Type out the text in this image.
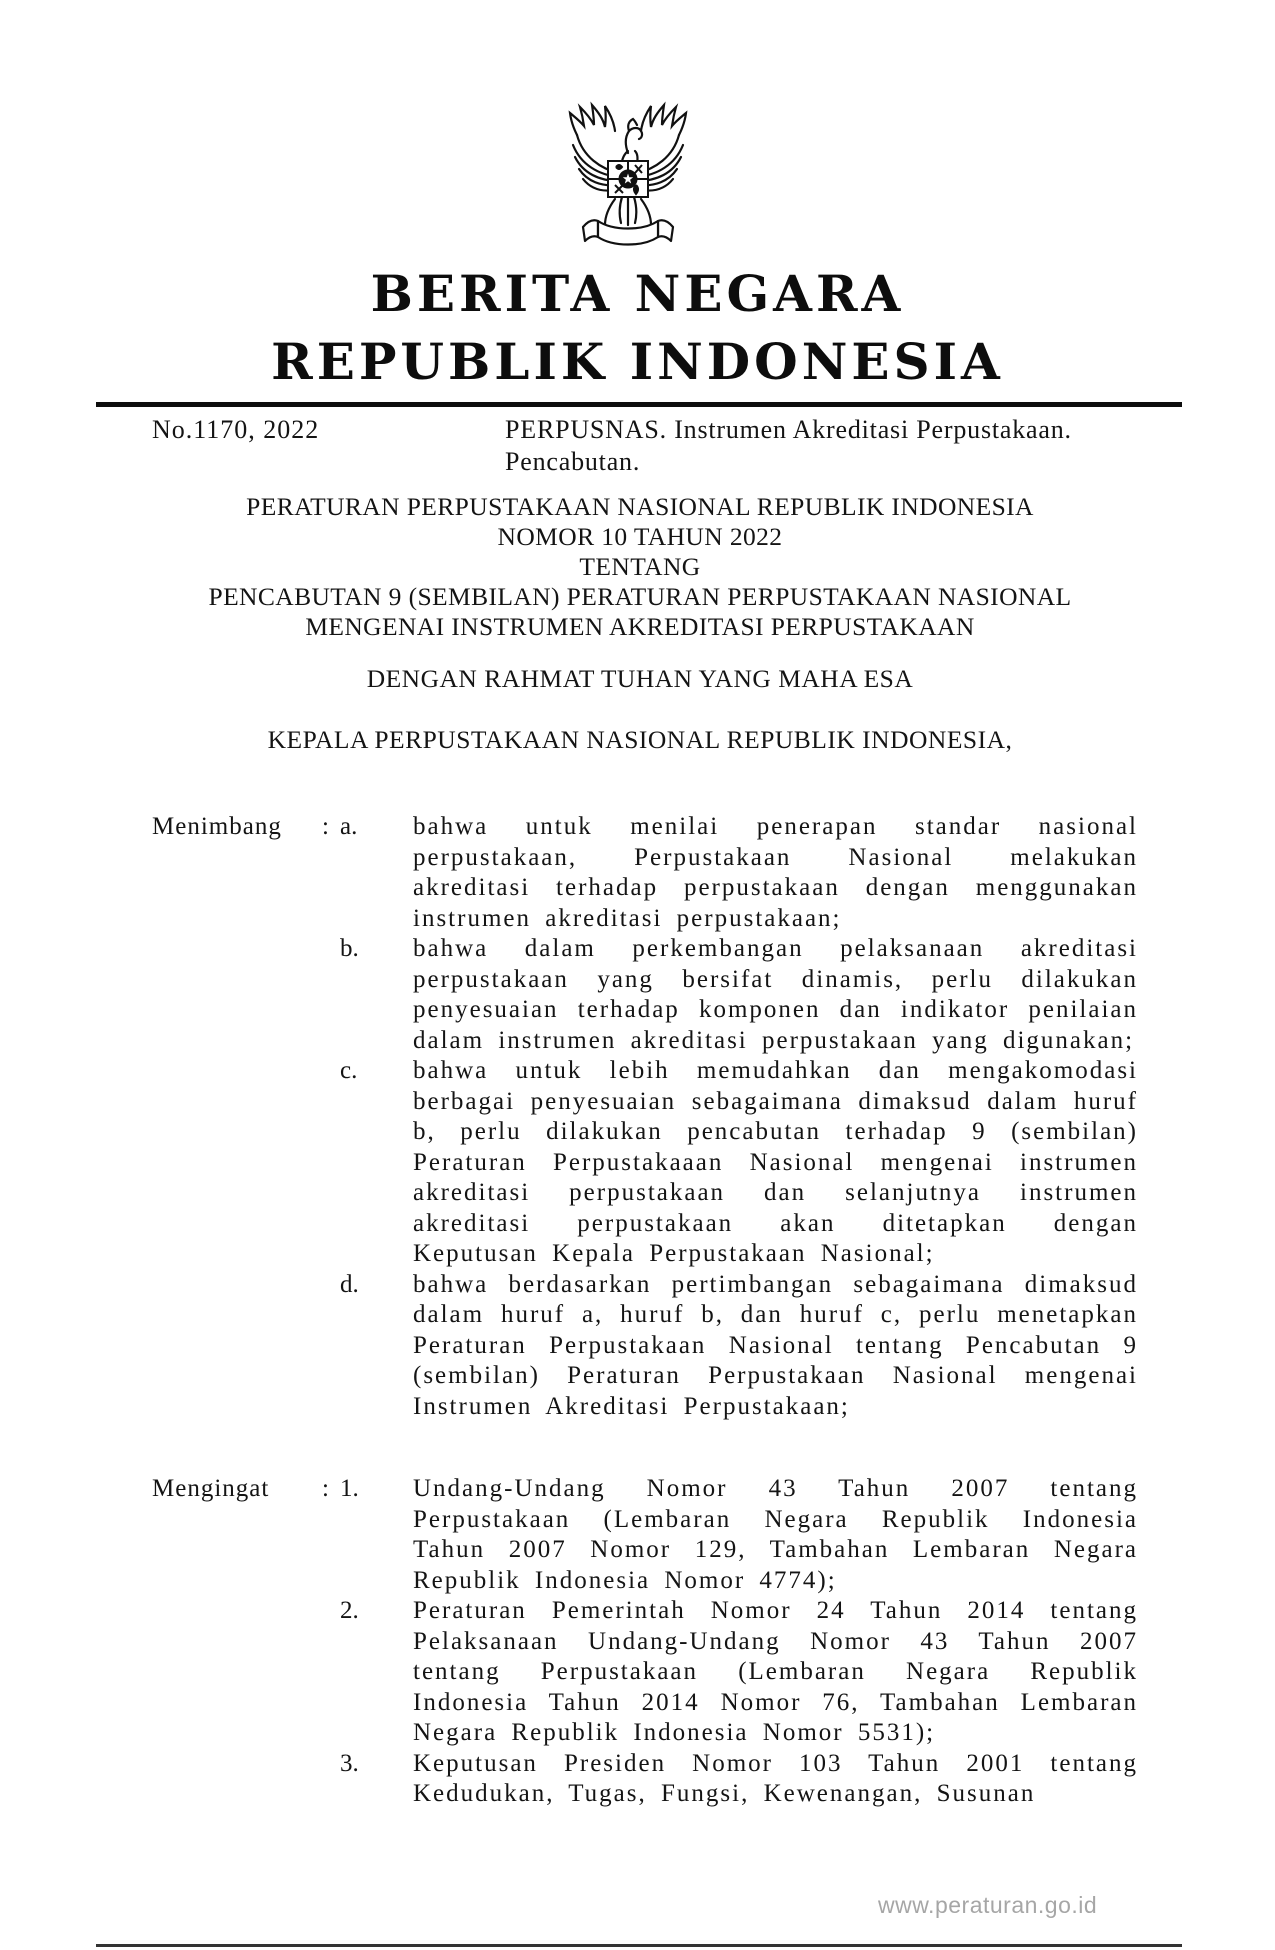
BERITA NEGARA
REPUBLIK INDONESIA
No.1170, 2022	PERPUSNAS. Instrumen Akreditasi Perpustakaan.
Pencabutan.
PERATURAN PERPUSTAKAAN NASIONAL REPUBLIK INDONESIA
NOMOR 10 TAHUN 2022
TENTANG
PENCABUTAN 9 (SEMBILAN) PERATURAN PERPUSTAKAAN NASIONAL
MENGENAI INSTRUMEN AKREDITASI PERPUSTAKAAN
DENGAN RAHMAT TUHAN YANG MAHA ESA
KEPALA PERPUSTAKAAN NASIONAL REPUBLIK INDONESIA,
Menimbang	: a.	bahwa untuk menilai penerapan standar nasional perpustakaan, Perpustakaan Nasional melakukan akreditasi terhadap perpustakaan dengan menggunakan instrumen akreditasi perpustakaan;
b.	bahwa dalam perkembangan pelaksanaan akreditasi perpustakaan yang bersifat dinamis, perlu dilakukan penyesuaian terhadap komponen dan indikator penilaian dalam instrumen akreditasi perpustakaan yang digunakan;
c.	bahwa untuk lebih memudahkan dan mengakomodasi berbagai penyesuaian sebagaimana dimaksud dalam huruf b, perlu dilakukan pencabutan terhadap 9 (sembilan) Peraturan Perpustakaaan Nasional mengenai instrumen akreditasi perpustakaan dan selanjutnya instrumen akreditasi perpustakaan akan ditetapkan dengan Keputusan Kepala Perpustakaan Nasional;
d.	bahwa berdasarkan pertimbangan sebagaimana dimaksud dalam huruf a, huruf b, dan huruf c, perlu menetapkan Peraturan Perpustakaan Nasional tentang Pencabutan 9 (sembilan) Peraturan Perpustakaan Nasional mengenai Instrumen Akreditasi Perpustakaan;
Mengingat	: 1.	Undang-Undang Nomor 43 Tahun 2007 tentang Perpustakaan (Lembaran Negara Republik Indonesia Tahun 2007 Nomor 129, Tambahan Lembaran Negara Republik Indonesia Nomor 4774);
2.	Peraturan Pemerintah Nomor 24 Tahun 2014 tentang Pelaksanaan Undang-Undang Nomor 43 Tahun 2007 tentang Perpustakaan (Lembaran Negara Republik Indonesia Tahun 2014 Nomor 76, Tambahan Lembaran Negara Republik Indonesia Nomor 5531);
3.	Keputusan Presiden Nomor 103 Tahun 2001 tentang Kedudukan, Tugas, Fungsi, Kewenangan, Susunan
www.peraturan.go.id
